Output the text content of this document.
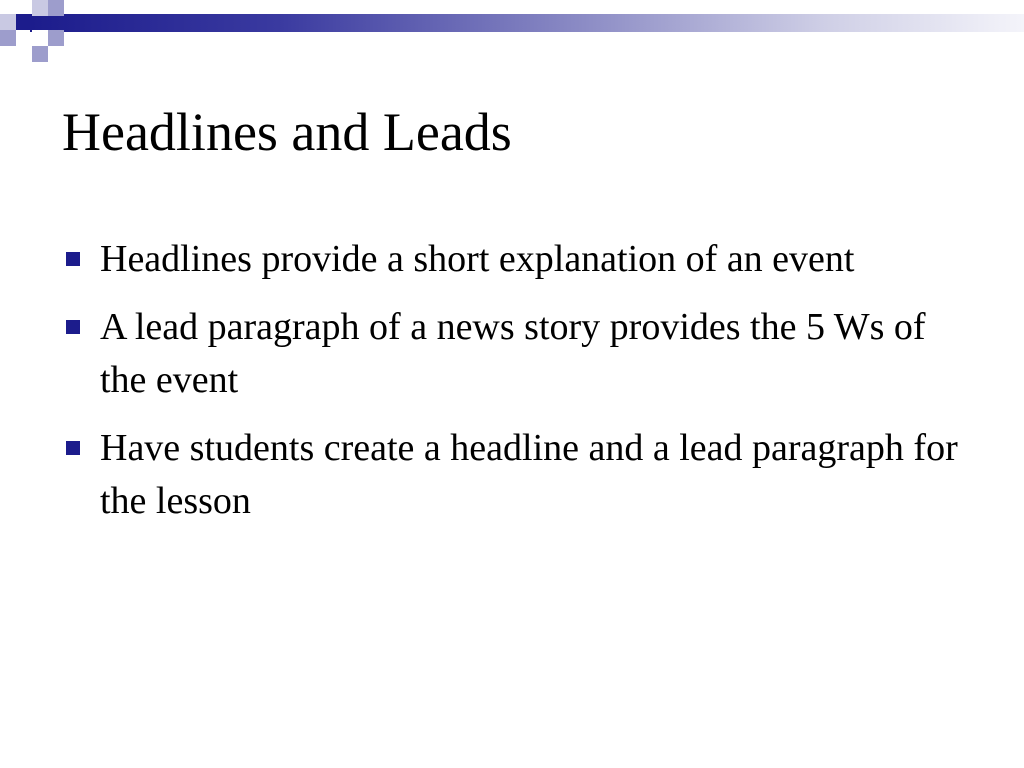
Headlines and Leads
Headlines provide a short explanation of an event
A lead paragraph of a news story provides the 5 Ws of the event
Have students create a headline and a lead paragraph for the lesson
